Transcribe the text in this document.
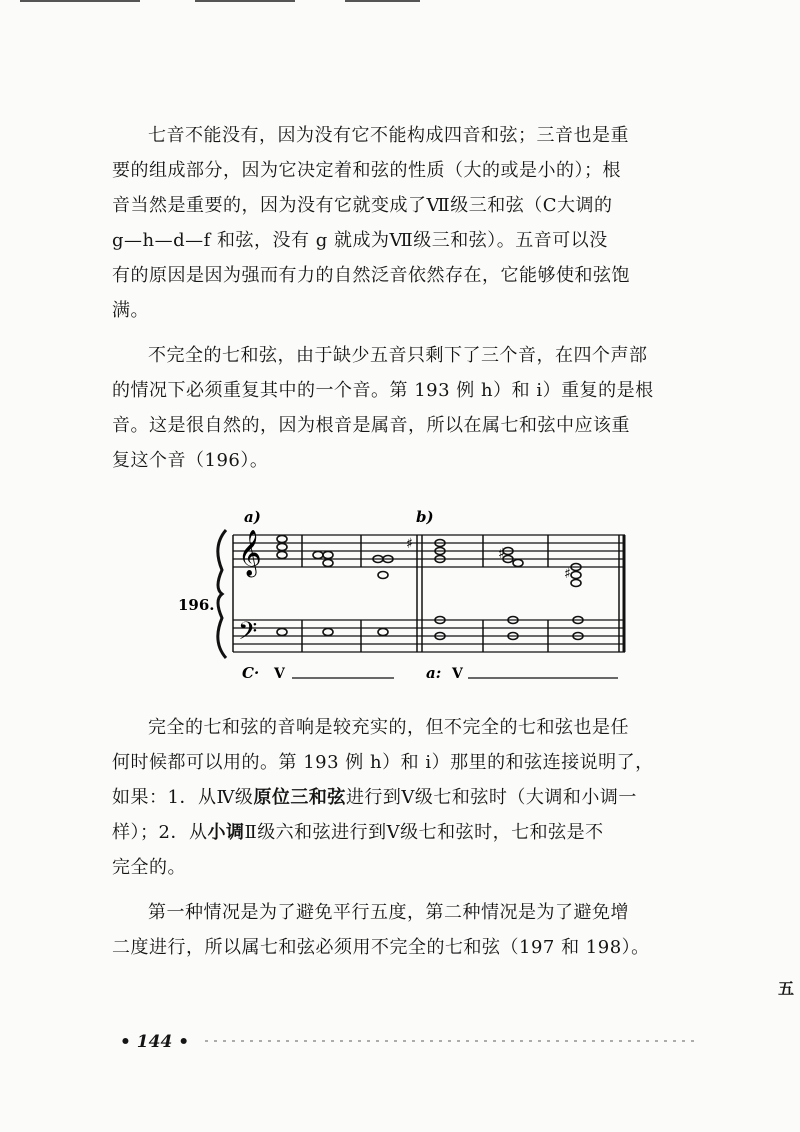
七音不能没有，因为没有它不能构成四音和弦；三音也是重
要的组成部分，因为它决定着和弦的性质（大的或是小的）；根
音当然是重要的，因为没有它就变成了Ⅶ级三和弦（C大调的
g—h—d—f 和弦，没有 g 就成为Ⅶ级三和弦）。五音可以没
有的原因是因为强而有力的自然泛音依然存在，它能够使和弦饱
满。

不完全的七和弦，由于缺少五音只剩下了三个音，在四个声部
的情况下必须重复其中的一个音。第 193 例 h）和 i）重复的是根
音。这是很自然的，因为根音是属音，所以在属七和弦中应该重
复这个音（196）。

完全的七和弦的音响是较充实的，但不完全的七和弦也是任
何时候都可以用的。第 193 例 h）和 i）那里的和弦连接说明了，
如果：1．从Ⅳ级原位三和弦进行到Ⅴ级七和弦时（大调和小调一
样）；2．从小调Ⅱ级六和弦进行到Ⅴ级七和弦时，七和弦是不
完全的。

第一种情况是为了避免平行五度，第二种情况是为了避免增
二度进行，所以属七和弦必须用不完全的七和弦（197 和 198）。

𝄞
𝄢
♯
♯
♯
a)	b)
196.
C· V	a: V
• 144 •
五
